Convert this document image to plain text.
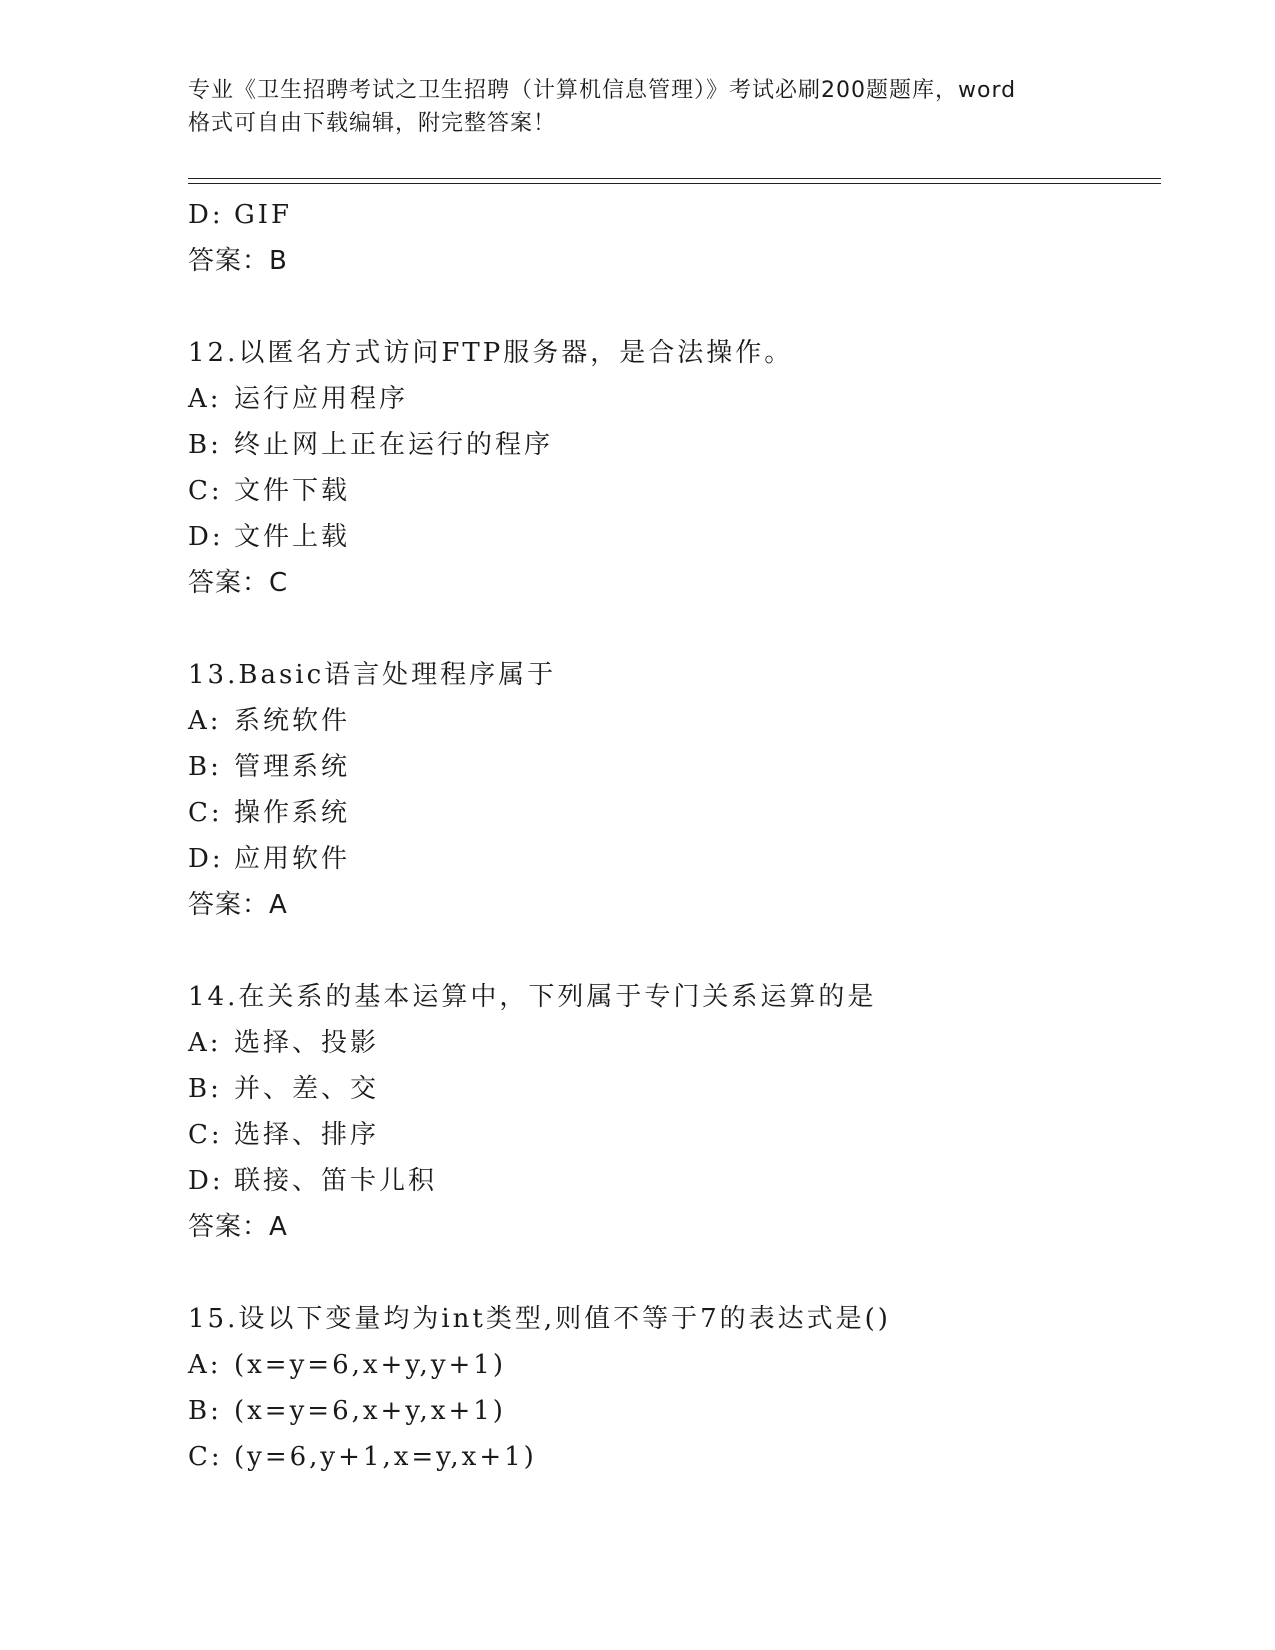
专业《卫生招聘考试之卫生招聘（计算机信息管理）》考试必刷200题题库，word
格式可自由下载编辑，附完整答案！
D: GIF
答案：B
12.以匿名方式访问FTP服务器，是合法操作。
A: 运行应用程序
B: 终止网上正在运行的程序
C: 文件下载
D: 文件上载
答案：C
13.Basic语言处理程序属于
A: 系统软件
B: 管理系统
C: 操作系统
D: 应用软件
答案：A
14.在关系的基本运算中，下列属于专门关系运算的是
A: 选择、投影
B: 并、差、交
C: 选择、排序
D: 联接、笛卡儿积
答案：A
15.设以下变量均为int类型,则值不等于7的表达式是()
A: (x=y=6,x+y,y+1)
B: (x=y=6,x+y,x+1)
C: (y=6,y+1,x=y,x+1)
